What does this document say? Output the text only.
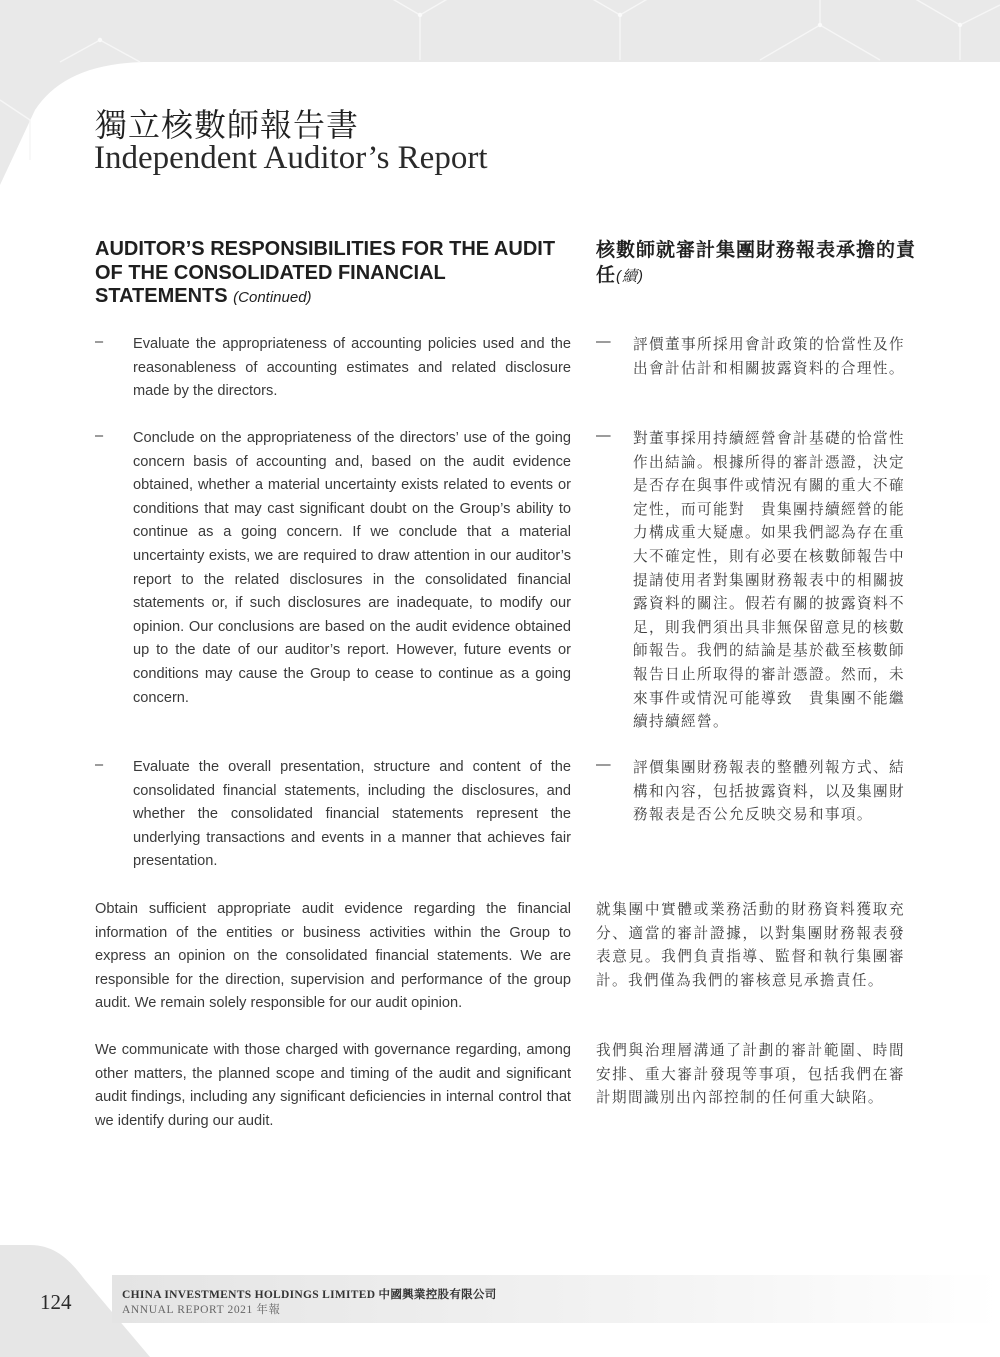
獨立核數師報告書
Independent Auditor’s Report
AUDITOR’S RESPONSIBILITIES FOR THE AUDIT OF THE CONSOLIDATED FINANCIAL STATEMENTS (Continued)
核數師就審計集團財務報表承擔的責任(續)
– Evaluate the appropriateness of accounting policies used and the reasonableness of accounting estimates and related disclosure made by the directors.
— 評價董事所採用會計政策的恰當性及作出會計估計和相關披露資料的合理性。
– Conclude on the appropriateness of the directors’ use of the going concern basis of accounting and, based on the audit evidence obtained, whether a material uncertainty exists related to events or conditions that may cast significant doubt on the Group’s ability to continue as a going concern. If we conclude that a material uncertainty exists, we are required to draw attention in our auditor’s report to the related disclosures in the consolidated financial statements or, if such disclosures are inadequate, to modify our opinion. Our conclusions are based on the audit evidence obtained up to the date of our auditor’s report. However, future events or conditions may cause the Group to cease to continue as a going concern.
— 對董事採用持續經營會計基礎的恰當性作出結論。根據所得的審計憑證，決定是否存在與事件或情況有關的重大不確定性，而可能對　貴集團持續經營的能力構成重大疑慮。如果我們認為存在重大不確定性，則有必要在核數師報告中提請使用者對集團財務報表中的相關披露資料的關注。假若有關的披露資料不足，則我們須出具非無保留意見的核數師報告。我們的結論是基於截至核數師報告日止所取得的審計憑證。然而，未來事件或情況可能導致　貴集團不能繼續持續經營。
– Evaluate the overall presentation, structure and content of the consolidated financial statements, including the disclosures, and whether the consolidated financial statements represent the underlying transactions and events in a manner that achieves fair presentation.
— 評價集團財務報表的整體列報方式、結構和內容，包括披露資料，以及集團財務報表是否公允反映交易和事項。
Obtain sufficient appropriate audit evidence regarding the financial information of the entities or business activities within the Group to express an opinion on the consolidated financial statements. We are responsible for the direction, supervision and performance of the group audit. We remain solely responsible for our audit opinion.
就集團中實體或業務活動的財務資料獲取充分、適當的審計證據，以對集團財務報表發表意見。我們負責指導、監督和執行集團審計。我們僅為我們的審核意見承擔責任。
We communicate with those charged with governance regarding, among other matters, the planned scope and timing of the audit and significant audit findings, including any significant deficiencies in internal control that we identify during our audit.
我們與治理層溝通了計劃的審計範圍、時間安排、重大審計發現等事項，包括我們在審計期間識別出內部控制的任何重大缺陷。
124	CHINA INVESTMENTS HOLDINGS LIMITED 中國興業控股有限公司
ANNUAL REPORT 2021 年報
